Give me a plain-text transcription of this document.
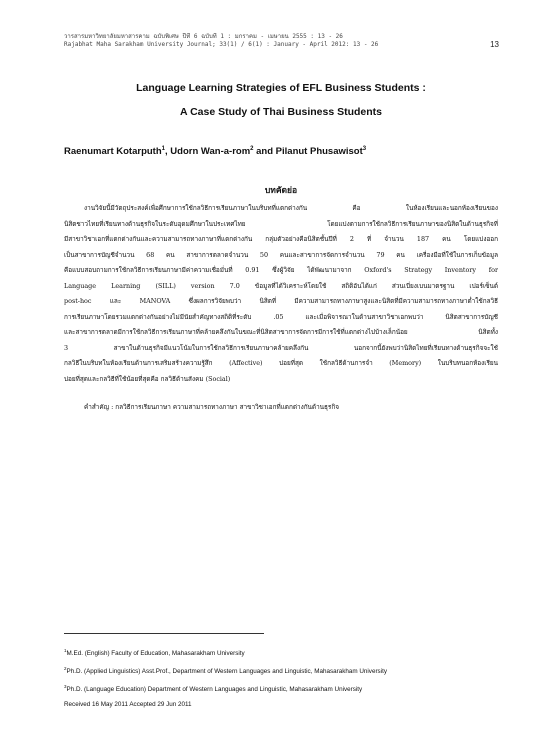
วารสารมหาวิทยาลัยมหาสารคาม ฉบับพิเศษ ปีที่ 6 ฉบับที่ 1 : มกราคม - เมษายน 2555 : 13 - 26
Rajabhat Maha Sarakham University Journal; 33(1) / 6(1) : January - April 2012: 13 - 26	13
Language Learning Strategies of EFL Business Students :
A Case Study of Thai Business Students
Raenumart Kotarputh$^1$, Udorn Wan-a-rom$^2$ and Pilanut Phusawisot$^3$
บทคัดย่อ
งานวิจัยนี้มีวัตถุประสงค์เพื่อศึกษาการใช้กลวิธีการเรียนภาษาในบริบทที่แตกต่างกัน คือ ในห้องเรียนและนอกห้องเรียนของ
นิสิตชาวไทยที่เรียนทางด้านธุรกิจในระดับอุดมศึกษาในประเทศไทย โดยแบ่งตามการใช้กลวิธีการเรียนภาษาของนิสิตในด้านธุรกิจที่
มีสาขาวิชาเอกที่แตกต่างกันและความสามารถทางภาษาที่แตกต่างกัน กลุ่มตัวอย่างคือนิสิตชั้นปีที่ 2 ที่ จำนวน 187 คน โดยแบ่งออก
เป็นสาขาการบัญชีจำนวน 68 คน สาขาการตลาดจำนวน 50 คนและสาขาการจัดการจำนวน 79 คน เครื่องมือที่ใช้ในการเก็บข้อมูล
คือแบบสอบถามการใช้กลวิธีการเรียนภาษามีค่าความเชื่อมั่นที่ 0.91 ซึ่งผู้วิจัย ได้พัฒนามาจาก Oxford's Strategy Inventory for
Language Learning (SILL) version 7.0 ข้อมูลที่ได้วิเคราะห์โดยใช้ สถิติอันได้แก่ ส่วนเบี่ยงเบนมาตรฐาน เปอร์เซ็นต์
post-hoc และ MANOVA ซึ่งผลการวิจัยพบว่า นิสิตที่ มีความสามารถทางภาษาสูงและนิสิตที่มีความสามารถทางภาษาต่ำใช้กลวิธี
การเรียนภาษาโดยรวมแตกต่างกันอย่างไม่มีนัยสำคัญทางสถิติที่ระดับ .05 และเมื่อพิจารณาในด้านสาขาวิชาเอกพบว่า นิสิตสาขาการบัญชี
และสาขาการตลาดมีการใช้กลวิธีการเรียนภาษาที่คล้ายคลึงกันในขณะที่นิสิตสาขาการจัดการมีการใช้ที่แตกต่างไปบ้างเล็กน้อย นิสิตทั้ง
3 สาขาในด้านธุรกิจมีแนวโน้มในการใช้กลวิธีการเรียนภาษาคล้ายคลึงกัน นอกจากนี้ยังพบว่านิสิตไทยที่เรียนทางด้านธุรกิจจะใช้
กลวิธีในบริบทในห้องเรียนด้านการเสริมสร้างความรู้สึก (Affective) บ่อยที่สุด ใช้กลวิธีด้านการจำ (Memory) ในบริบทนอกห้องเรียน
บ่อยที่สุดและกลวิธีที่ใช้น้อยที่สุดคือ กลวิธีด้านสังคม (Social)
คำสำคัญ : กลวิธีการเรียนภาษา ความสามารถทางภาษา สาขาวิชาเอกที่แตกต่างกันด้านธุรกิจ
$^1$M.Ed. (English) Faculty of Education, Mahasarakham University
$^2$Ph.D. (Applied Linguistics) Asst.Prof., Department of Western Languages and Linguistic, Mahasarakham University
$^3$Ph.D. (Language Education) Department of Western Languages and Linguistic, Mahasarakham University
Received 16 May 2011 Accepted 29 Jun 2011
